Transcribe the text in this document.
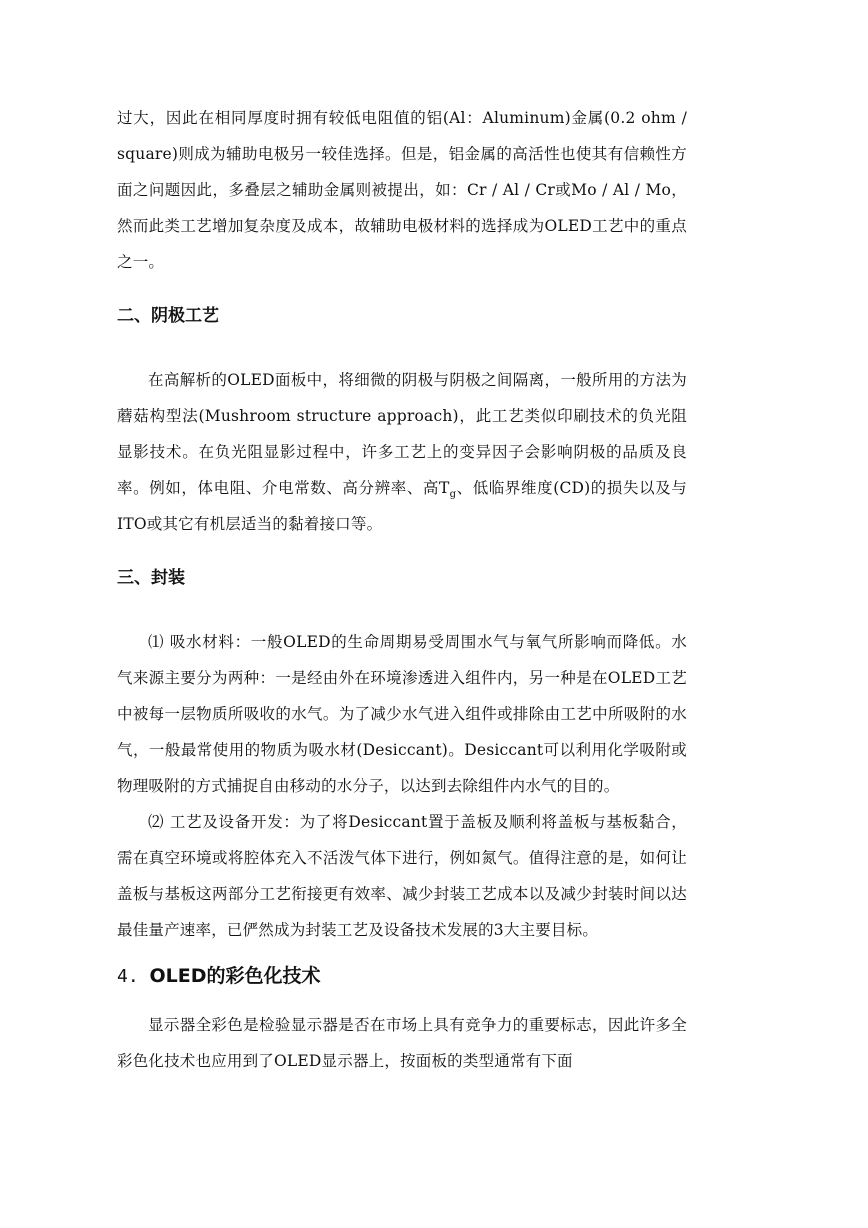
过大，因此在相同厚度时拥有较低电阻值的铝(Al：Aluminum)金属(0.2 ohm / square)则成为辅助电极另一较佳选择。但是，铝金属的高活性也使其有信赖性方面之问题因此，多叠层之辅助金属则被提出，如：Cr / Al / Cr或Mo / Al / Mo，然而此类工艺增加复杂度及成本，故辅助电极材料的选择成为OLED工艺中的重点之一。

二、阴极工艺

在高解析的OLED面板中，将细微的阴极与阴极之间隔离，一般所用的方法为蘑菇构型法(Mushroom structure approach)，此工艺类似印刷技术的负光阻显影技术。在负光阻显影过程中，许多工艺上的变异因子会影响阴极的品质及良率。例如，体电阻、介电常数、高分辨率、高$T_g$、低临界维度(CD)的损失以及与ITO或其它有机层适当的黏着接口等。

三、封装

⑴ 吸水材料：一般OLED的生命周期易受周围水气与氧气所影响而降低。水气来源主要分为两种：一是经由外在环境渗透进入组件内，另一种是在OLED工艺中被每一层物质所吸收的水气。为了减少水气进入组件或排除由工艺中所吸附的水气，一般最常使用的物质为吸水材(Desiccant)。Desiccant可以利用化学吸附或物理吸附的方式捕捉自由移动的水分子，以达到去除组件内水气的目的。

⑵ 工艺及设备开发：为了将Desiccant置于盖板及顺利将盖板与基板黏合，需在真空环境或将腔体充入不活泼气体下进行，例如氮气。值得注意的是，如何让盖板与基板这两部分工艺衔接更有效率、减少封装工艺成本以及减少封装时间以达最佳量产速率，已俨然成为封装工艺及设备技术发展的3大主要目标。

4. OLED的彩色化技术

显示器全彩色是检验显示器是否在市场上具有竞争力的重要标志，因此许多全彩色化技术也应用到了OLED显示器上，按面板的类型通常有下面
